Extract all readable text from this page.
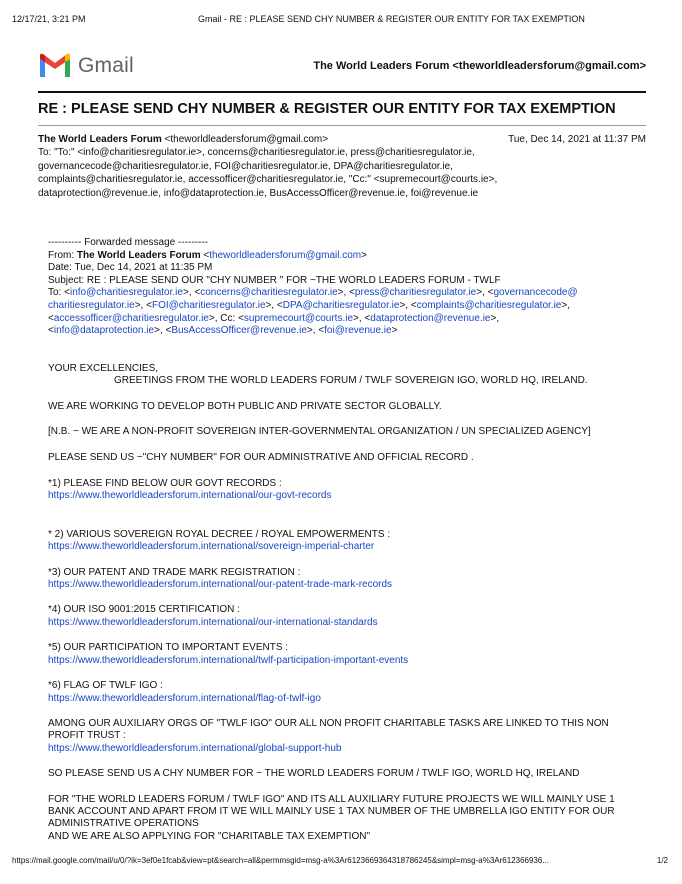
12/17/21, 3:21 PM	Gmail - RE : PLEASE SEND CHY NUMBER & REGISTER OUR ENTITY FOR TAX EXEMPTION
Gmail	The World Leaders Forum <theworldleadersforum@gmail.com>
RE : PLEASE SEND CHY NUMBER & REGISTER OUR ENTITY FOR TAX EXEMPTION
The World Leaders Forum <theworldleadersforum@gmail.com>	Tue, Dec 14, 2021 at 11:37 PM
To: "To:" <info@charitiesregulator.ie>, concerns@charitiesregulator.ie, press@charitiesregulator.ie,
governancecode@charitiesregulator.ie, FOI@charitiesregulator.ie, DPA@charitiesregulator.ie,
complaints@charitiesregulator.ie, accessofficer@charitiesregulator.ie, "Cc:" <supremecourt@courts.ie>,
dataprotection@revenue.ie, info@dataprotection.ie, BusAccessOfficer@revenue.ie, foi@revenue.ie
---------- Forwarded message ---------
From: The World Leaders Forum <theworldleadersforum@gmail.com>
Date: Tue, Dec 14, 2021 at 11:35 PM
Subject: RE : PLEASE SEND OUR "CHY NUMBER " FOR ~THE WORLD LEADERS FORUM - TWLF
To: <info@charitiesregulator.ie>, <concerns@charitiesregulator.ie>, <press@charitiesregulator.ie>, <governancecode@
charitiesregulator.ie>, <FOI@charitiesregulator.ie>, <DPA@charitiesregulator.ie>, <complaints@charitiesregulator.ie>,
<accessofficer@charitiesregulator.ie>, Cc: <supremecourt@courts.ie>, <dataprotection@revenue.ie>,
<info@dataprotection.ie>, <BusAccessOfficer@revenue.ie>, <foi@revenue.ie>

YOUR EXCELLENCIES,

GREETINGS FROM THE WORLD LEADERS FORUM / TWLF SOVEREIGN IGO, WORLD HQ, IRELAND.

WE ARE WORKING TO DEVELOP BOTH PUBLIC AND PRIVATE SECTOR GLOBALLY.

[N.B. ~ WE ARE A NON-PROFIT SOVEREIGN INTER-GOVERNMENTAL ORGANIZATION / UN SPECIALIZED AGENCY]

PLEASE SEND US ~"CHY NUMBER" FOR OUR ADMINISTRATIVE AND OFFICIAL RECORD .

*1) PLEASE FIND BELOW OUR GOVT RECORDS :

https://www.theworldleadersforum.international/our-govt-records

* 2) VARIOUS SOVEREIGN ROYAL DECREE / ROYAL EMPOWERMENTS :

https://www.theworldleadersforum.international/sovereign-imperial-charter

*3) OUR PATENT AND TRADE MARK REGISTRATION :

https://www.theworldleadersforum.international/our-patent-trade-mark-records

*4) OUR ISO 9001:2015 CERTIFICATION :

https://www.theworldleadersforum.international/our-international-standards

*5) OUR PARTICIPATION TO IMPORTANT EVENTS :

https://www.theworldleadersforum.international/twlf-participation-important-events

*6) FLAG OF TWLF IGO :

https://www.theworldleadersforum.international/flag-of-twlf-igo

AMONG OUR AUXILIARY ORGS OF "TWLF IGO" OUR ALL NON PROFIT CHARITABLE TASKS ARE LINKED TO THIS NON PROFIT TRUST :

https://www.theworldleadersforum.international/global-support-hub

SO PLEASE SEND US A CHY NUMBER FOR ~ THE WORLD LEADERS FORUM / TWLF IGO, WORLD HQ, IRELAND

FOR "THE WORLD LEADERS FORUM / TWLF IGO" AND ITS ALL AUXILIARY FUTURE PROJECTS WE WILL MAINLY USE 1 BANK ACCOUNT AND APART FROM IT WE WILL MAINLY USE 1 TAX NUMBER OF THE UMBRELLA IGO ENTITY FOR OUR ADMINISTRATIVE OPERATIONS

AND WE ARE ALSO APPLYING FOR "CHARITABLE TAX EXEMPTION"

https://mail.google.com/mail/u/0/?ik=3ef0e1fcab&view=pt&search=all&permmsgid=msg-a%3Ar6123669364318786245&simpl=msg-a%3Ar612366936...	1/2
